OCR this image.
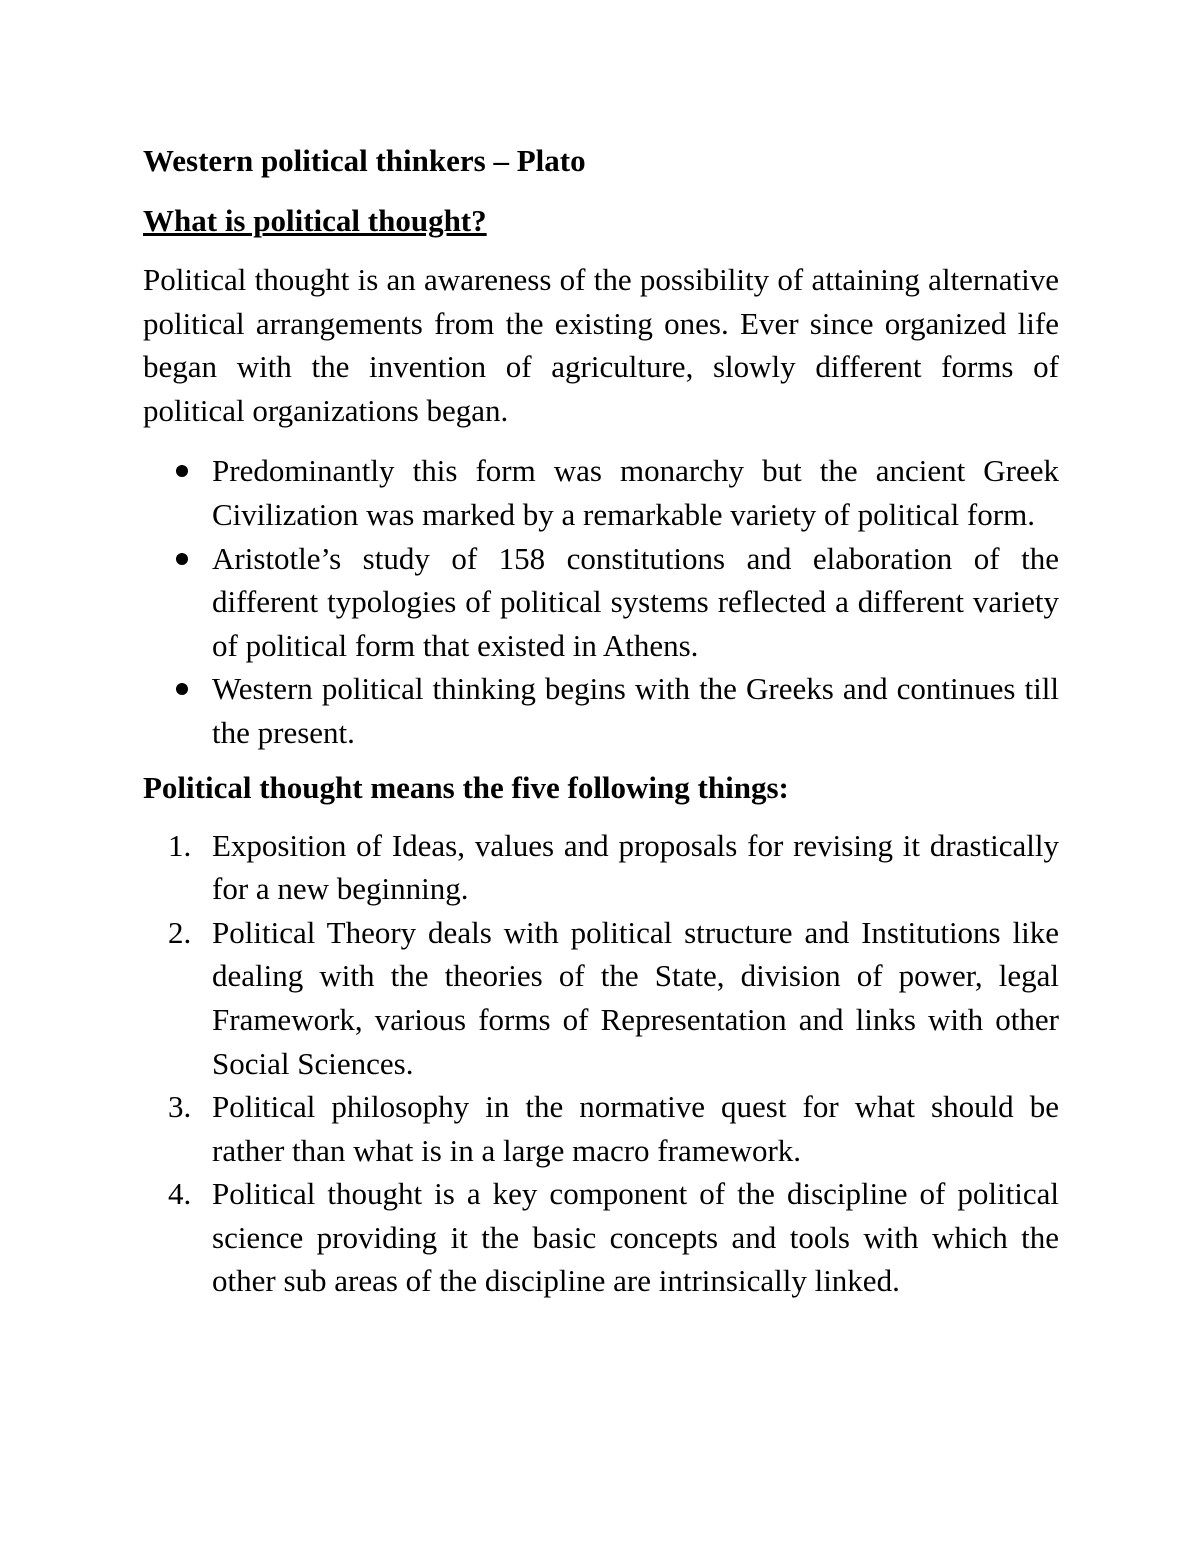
Western political thinkers – Plato
What is political thought?

Political thought is an awareness of the possibility of attaining alternative political arrangements from the existing ones. Ever since organized life began with the invention of agriculture, slowly different forms of political organizations began.

Predominantly this form was monarchy but the ancient Greek Civilization was marked by a remarkable variety of political form.
Aristotle’s study of 158 constitutions and elaboration of the different typologies of political systems reflected a different variety of political form that existed in Athens.
Western political thinking begins with the Greeks and continues till the present.
Political thought means the five following things:
1. Exposition of Ideas, values and proposals for revising it drastically for a new beginning.
2. Political Theory deals with political structure and Institutions like dealing with the theories of the State, division of power, legal Framework, various forms of Representation and links with other Social Sciences.
3. Political philosophy in the normative quest for what should be rather than what is in a large macro framework.
4. Political thought is a key component of the discipline of political science providing it the basic concepts and tools with which the other sub areas of the discipline are intrinsically linked.
